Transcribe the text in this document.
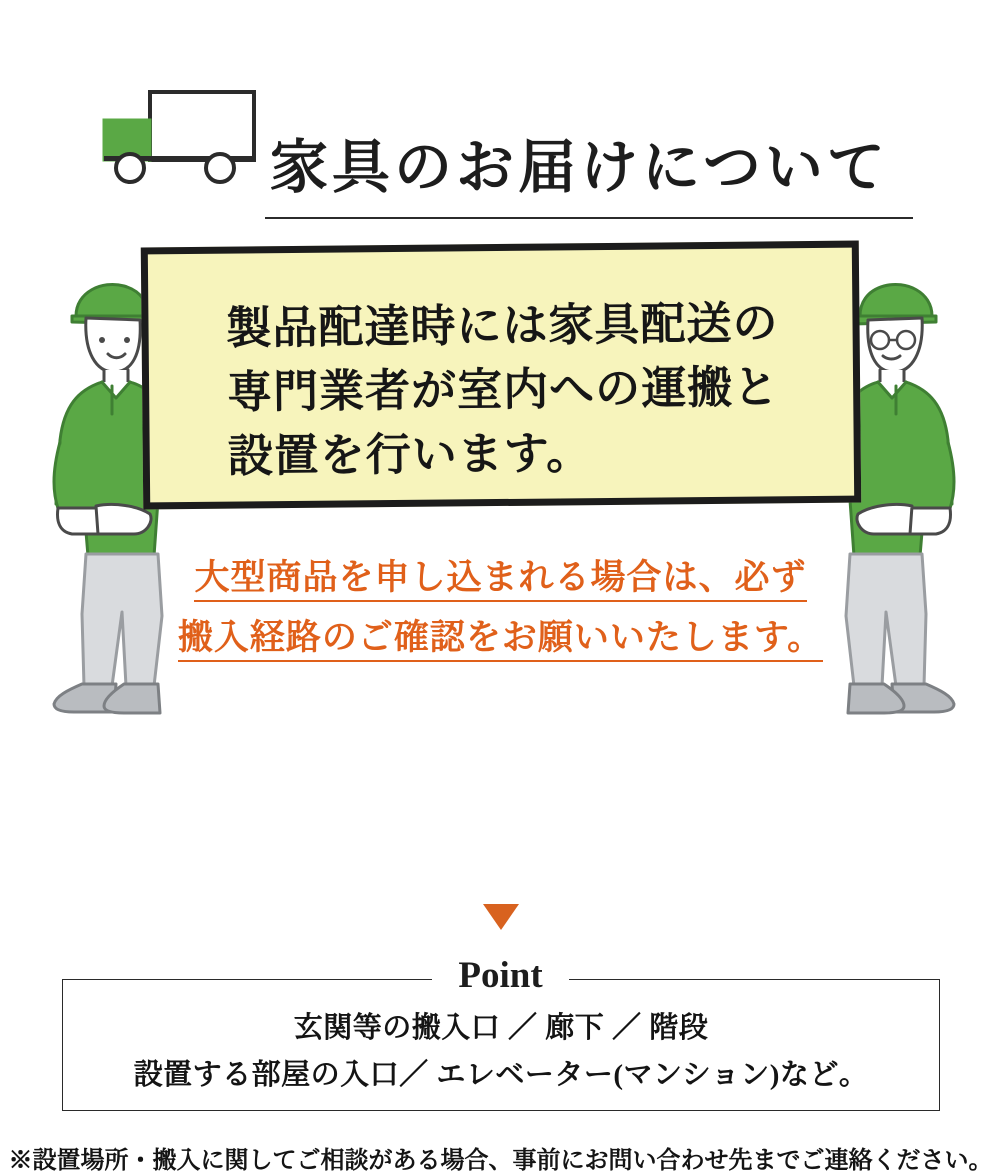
家具のお届けについて
製品配達時には家具配送の
専門業者が室内への運搬と
設置を行います。
大型商品を申し込まれる場合は、必ず
搬入経路のご確認をお願いいたします。
Point
玄関等の搬入口 ／ 廊下 ／ 階段
設置する部屋の入口／ エレベーター(マンション)など。
※設置場所・搬入に関してご相談がある場合、事前にお問い合わせ先までご連絡ください。
